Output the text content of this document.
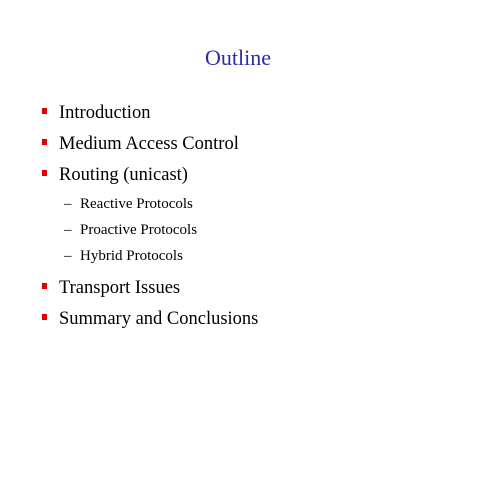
Outline
Introduction
Medium Access Control
Routing (unicast)
– Reactive Protocols
– Proactive Protocols
– Hybrid Protocols
Transport Issues
Summary and Conclusions
